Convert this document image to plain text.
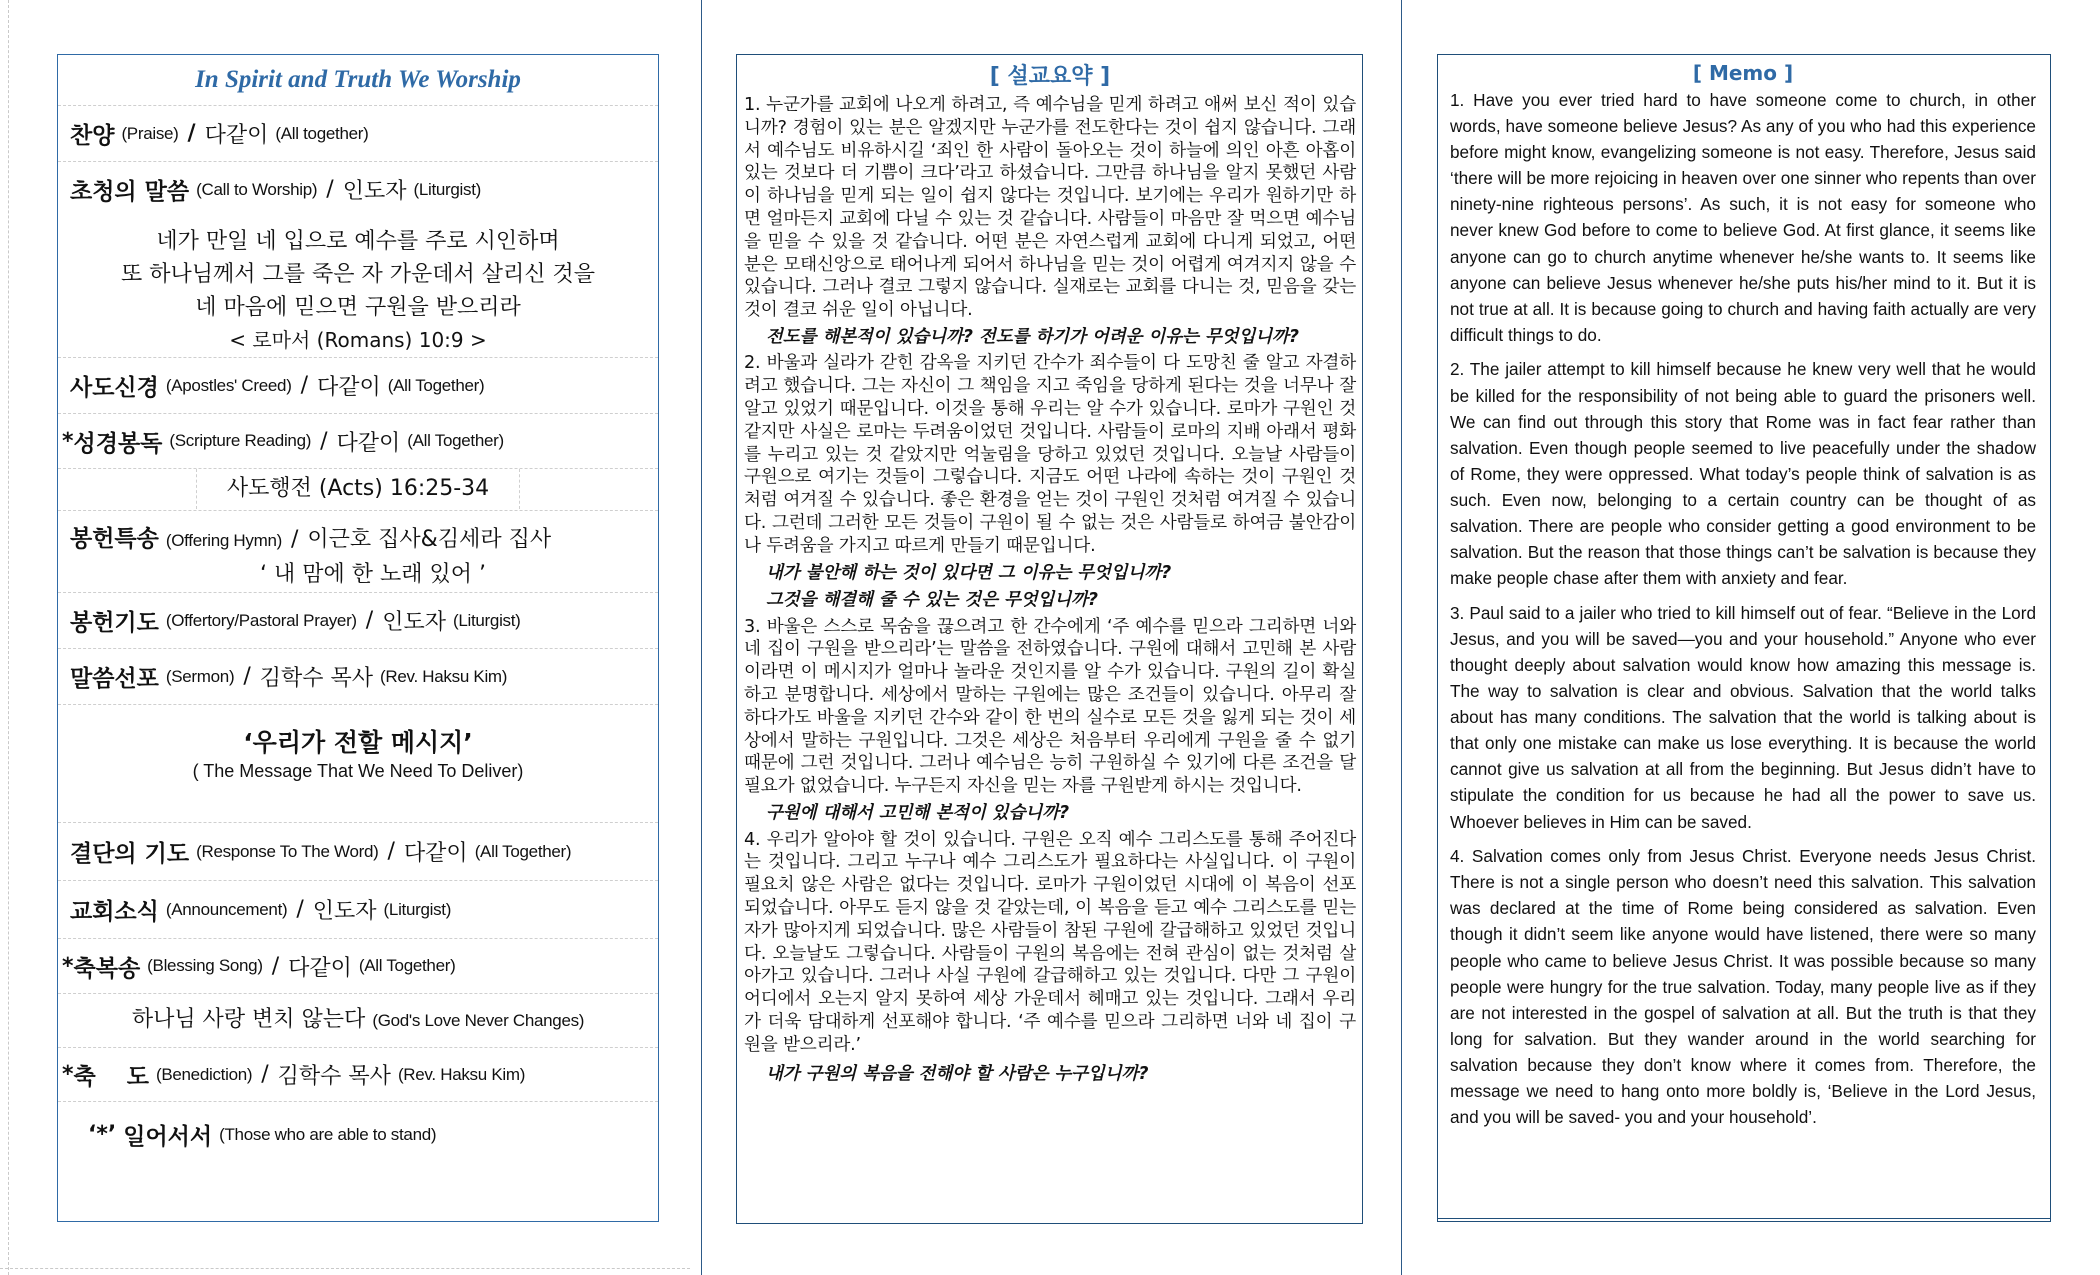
In Spirit and Truth We Worship
찬양
(Praise) / 다같이
(All together)
초청의 말씀
(Call to Worship) / 인도자
(Liturgist)
네가 만일 네 입으로 예수를 주로 시인하며
또 하나님께서 그를 죽은 자 가운데서 살리신 것을
네 마음에 믿으면 구원을 받으리라
< 로마서 (Romans) 10:9 >
사도신경
(Apostles' Creed) / 다같이
(All Together)
* 성경봉독
(Scripture Reading) / 다같이
(All Together)
사도행전 (Acts) 16:25-34
봉헌특송 (Offering Hymn) / 이근호 집사&김세라 집사
‘ 내 맘에 한 노래 있어 ’
봉헌기도
(Offertory/Pastoral Prayer) / 인도자
(Liturgist)
말씀선포
(Sermon) / 김학수 목사
(Rev. Haksu Kim)
‘우리가 전할 메시지’
( The Message That We Need To Deliver)
결단의 기도
(Response To The Word) / 다같이
(All Together)
교회소식
(Announcement) / 인도자
(Liturgist)
* 축복송
(Blessing Song) / 다같이
(All Together)
하나님 사랑 변치 않는다 (God's Love Never Changes)
* 축　 도
(Benediction) / 김학수 목사
(Rev. Haksu Kim)
‘*’
일어서서
(Those who are able to stand)
[ 설교요약 ]

1. 누군가를 교회에 나오게 하려고, 즉 예수님을 믿게 하려고 애써 보신 적이 있습니까? 경험이 있는 분은 알겠지만 누군가를 전도한다는 것이 쉽지 않습니다. 그래서 예수님도 비유하시길 ‘죄인 한 사람이 돌아오는 것이 하늘에 의인 아흔 아홉이 있는 것보다 더 기쁨이 크다’라고 하셨습니다. 그만큼 하나님을 알지 못했던 사람이 하나님을 믿게 되는 일이 쉽지 않다는 것입니다. 보기에는 우리가 원하기만 하면 얼마든지 교회에 다닐 수 있는 것 같습니다. 사람들이 마음만 잘 먹으면 예수님을 믿을 수 있을 것 같습니다. 어떤 분은 자연스럽게 교회에 다니게 되었고, 어떤 분은 모태신앙으로 태어나게 되어서 하나님을 믿는 것이 어렵게 여겨지지 않을 수 있습니다. 그러나 결코 그렇지 않습니다. 실재로는 교회를 다니는 것, 믿음을 갖는 것이 결코 쉬운 일이 아닙니다.

전도를 해본적이 있습니까? 전도를 하기가 어려운 이유는 무엇입니까?

2. 바울과 실라가 갇힌 감옥을 지키던 간수가 죄수들이 다 도망친 줄 알고 자결하려고 했습니다. 그는 자신이 그 책임을 지고 죽임을 당하게 된다는 것을 너무나 잘 알고 있었기 때문입니다. 이것을 통해 우리는 알 수가 있습니다. 로마가 구원인 것 같지만 사실은 로마는 두려움이었던 것입니다. 사람들이 로마의 지배 아래서 평화를 누리고 있는 것 같았지만 억눌림을 당하고 있었던 것입니다. 오늘날 사람들이 구원으로 여기는 것들이 그렇습니다. 지금도 어떤 나라에 속하는 것이 구원인 것처럼 여겨질 수 있습니다. 좋은 환경을 얻는 것이 구원인 것처럼 여겨질 수 있습니다. 그런데 그러한 모든 것들이 구원이 될 수 없는 것은 사람들로 하여금 불안감이나 두려움을 가지고 따르게 만들기 때문입니다.

내가 불안해 하는 것이 있다면 그 이유는 무엇입니까?
그것을 해결해 줄 수 있는 것은 무엇입니까?

3. 바울은 스스로 목숨을 끊으려고 한 간수에게 ‘주 예수를 믿으라 그리하면 너와 네 집이 구원을 받으리라’는 말씀을 전하였습니다. 구원에 대해서 고민해 본 사람이라면 이 메시지가 얼마나 놀라운 것인지를 알 수가 있습니다. 구원의 길이 확실하고 분명합니다. 세상에서 말하는 구원에는 많은 조건들이 있습니다. 아무리 잘 하다가도 바울을 지키던 간수와 같이 한 번의 실수로 모든 것을 잃게 되는 것이 세상에서 말하는 구원입니다. 그것은 세상은 처음부터 우리에게 구원을 줄 수 없기 때문에 그런 것입니다. 그러나 예수님은 능히 구원하실 수 있기에 다른 조건을 달 필요가 없었습니다. 누구든지 자신을 믿는 자를 구원받게 하시는 것입니다.

구원에 대해서 고민해 본적이 있습니까?

4. 우리가 알아야 할 것이 있습니다. 구원은 오직 예수 그리스도를 통해 주어진다는 것입니다. 그리고 누구나 예수 그리스도가 필요하다는 사실입니다. 이 구원이 필요치 않은 사람은 없다는 것입니다. 로마가 구원이었던 시대에 이 복음이 선포되었습니다. 아무도 듣지 않을 것 같았는데, 이 복음을 듣고 예수 그리스도를 믿는 자가 많아지게 되었습니다. 많은 사람들이 참된 구원에 갈급해하고 있었던 것입니다. 오늘날도 그렇습니다. 사람들이 구원의 복음에는 전혀 관심이 없는 것처럼 살아가고 있습니다. 그러나 사실 구원에 갈급해하고 있는 것입니다. 다만 그 구원이 어디에서 오는지 알지 못하여 세상 가운데서 헤매고 있는 것입니다. 그래서 우리가 더욱 담대하게 선포해야 합니다. ‘주 예수를 믿으라 그리하면 너와 네 집이 구원을 받으리라.’

내가 구원의 복음을 전해야 할 사람은 누구입니까?
[ Memo ]

1. Have you ever tried hard to have someone come to church, in other words, have someone believe Jesus? As any of you who had this experience before might know, evangelizing someone is not easy. Therefore, Jesus said ‘there will be more rejoicing in heaven over one sinner who repents than over ninety-nine righteous persons’. As such, it is not easy for someone who never knew God before to come to believe God. At first glance, it seems like anyone can go to church anytime whenever he/she wants to. It seems like anyone can believe Jesus whenever he/she puts his/her mind to it. But it is not true at all. It is because going to church and having faith actually are very difficult things to do.

2. The jailer attempt to kill himself because he knew very well that he would be killed for the responsibility of not being able to guard the prisoners well. We can find out through this story that Rome was in fact fear rather than salvation. Even though people seemed to live peacefully under the shadow of Rome, they were oppressed. What today’s people think of salvation is as such. Even now, belonging to a certain country can be thought of as salvation. There are people who consider getting a good environment to be salvation. But the reason that those things can’t be salvation is because they make people chase after them with anxiety and fear.

3. Paul said to a jailer who tried to kill himself out of fear. “Believe in the Lord Jesus, and you will be saved—you and your household.” Anyone who ever thought deeply about salvation would know how amazing this message is. The way to salvation is clear and obvious. Salvation that the world talks about has many conditions. The salvation that the world is talking about is that only one mistake can make us lose everything. It is because the world cannot give us salvation at all from the beginning. But Jesus didn’t have to stipulate the condition for us because he had all the power to save us. Whoever believes in Him can be saved.

4. Salvation comes only from Jesus Christ. Everyone needs Jesus Christ. There is not a single person who doesn’t need this salvation. This salvation was declared at the time of Rome being considered as salvation. Even though it didn’t seem like anyone would have listened, there were so many people who came to believe Jesus Christ. It was possible because so many people were hungry for the true salvation. Today, many people live as if they are not interested in the gospel of salvation at all. But the truth is that they long for salvation. But they wander around in the world searching for salvation because they don’t know where it comes from. Therefore, the message we need to hang onto more boldly is, ‘Believe in the Lord Jesus, and you will be saved- you and your household’.
